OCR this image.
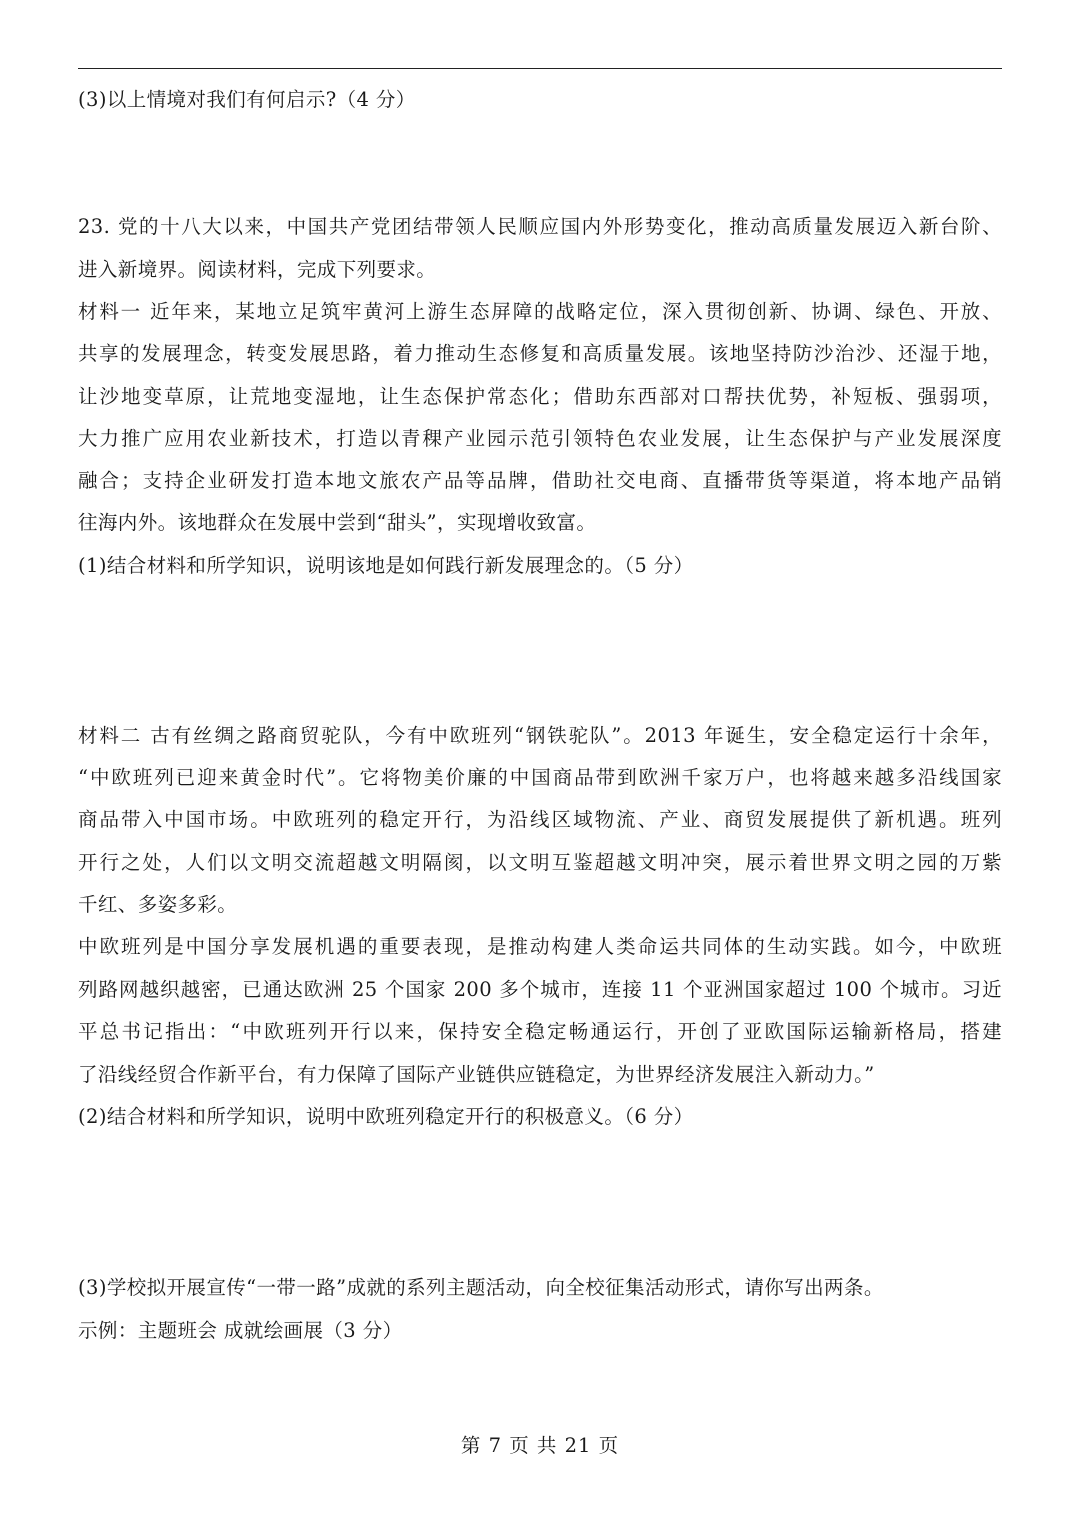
(3)以上情境对我们有何启示?（4 分）
23. 党的十八大以来，中国共产党团结带领人民顺应国内外形势变化，推动高质量发展迈入新台阶、
进入新境界。阅读材料，完成下列要求。
材料一 近年来，某地立足筑牢黄河上游生态屏障的战略定位，深入贯彻创新、协调、绿色、开放、
共享的发展理念，转变发展思路，着力推动生态修复和高质量发展。该地坚持防沙治沙、还湿于地，
让沙地变草原，让荒地变湿地，让生态保护常态化；借助东西部对口帮扶优势，补短板、强弱项，
大力推广应用农业新技术，打造以青稞产业园示范引领特色农业发展，让生态保护与产业发展深度
融合；支持企业研发打造本地文旅农产品等品牌，借助社交电商、直播带货等渠道，将本地产品销
往海内外。该地群众在发展中尝到“甜头”，实现增收致富。
(1)结合材料和所学知识，说明该地是如何践行新发展理念的。（5 分）
材料二 古有丝绸之路商贸驼队，今有中欧班列“钢铁驼队”。2013 年诞生，安全稳定运行十余年，
“中欧班列已迎来黄金时代”。它将物美价廉的中国商品带到欧洲千家万户，也将越来越多沿线国家
商品带入中国市场。中欧班列的稳定开行，为沿线区域物流、产业、商贸发展提供了新机遇。班列
开行之处，人们以文明交流超越文明隔阂，以文明互鉴超越文明冲突，展示着世界文明之园的万紫
千红、多姿多彩。
中欧班列是中国分享发展机遇的重要表现，是推动构建人类命运共同体的生动实践。如今，中欧班
列路网越织越密，已通达欧洲 25 个国家 200 多个城市，连接 11 个亚洲国家超过 100 个城市。习近
平总书记指出：“中欧班列开行以来，保持安全稳定畅通运行，开创了亚欧国际运输新格局，搭建
了沿线经贸合作新平台，有力保障了国际产业链供应链稳定，为世界经济发展注入新动力。”
(2)结合材料和所学知识，说明中欧班列稳定开行的积极意义。（6 分）
(3)学校拟开展宣传“一带一路”成就的系列主题活动，向全校征集活动形式，请你写出两条。
示例：主题班会 成就绘画展（3 分）
第 7 页 共 21 页
